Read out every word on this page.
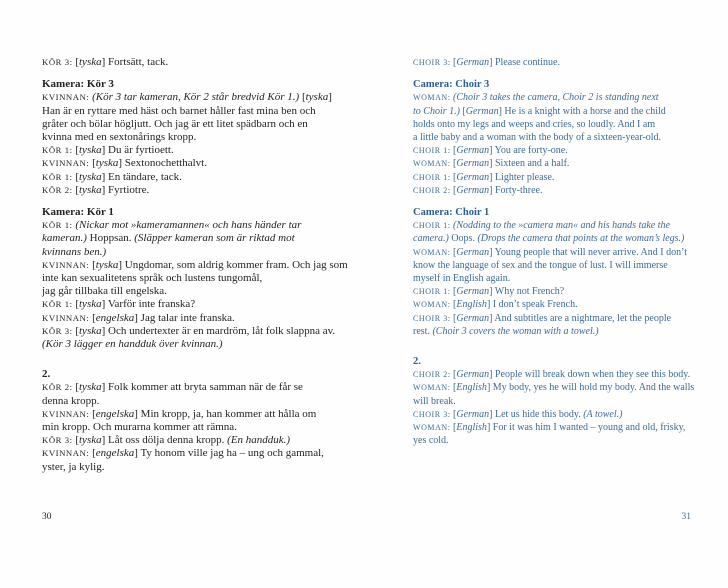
KÖR 3: [tyska] Fortsätt, tack.
Kamera: Kör 3
KVINNAN: (Kör 3 tar kameran, Kör 2 står bredvid Kör 1.) [tyska]
Han är en ryttare med häst och barnet håller fast mina ben och
gråter och bölar högljutt. Och jag är ett litet spädbarn och en
kvinna med en sextonårings kropp.
KÖR 1: [tyska] Du är fyrtioett.
KVINNAN: [tyska] Sextonochetthalvt.
KÖR 1: [tyska] En tändare, tack.
KÖR 2: [tyska] Fyrtiotre.
Kamera: Kör 1
KÖR 1: (Nickar mot »kameramannen« och hans händer tar
kameran.) Hoppsan. (Släpper kameran som är riktad mot
kvinnans ben.)
KVINNAN: [tyska] Ungdomar, som aldrig kommer fram. Och jag som
inte kan sexualitetens språk och lustens tungomål,
jag går tillbaka till engelska.
KÖR 1: [tyska] Varför inte franska?
KVINNAN: [engelska] Jag talar inte franska.
KÖR 3: [tyska] Och undertexter är en mardröm, låt folk slappna av.
(Kör 3 lägger en handduk över kvinnan.)
2.
KÖR 2: [tyska] Folk kommer att bryta samman när de får se
denna kropp.
KVINNAN: [engelska] Min kropp, ja, han kommer att hålla om
min kropp. Och murarna kommer att rämna.
KÖR 3: [tyska] Låt oss dölja denna kropp. (En handduk.)
KVINNAN: [engelska] Ty honom ville jag ha – ung och gammal,
yster, ja kylig.
CHOIR 3: [German] Please continue.
Camera: Choir 3
WOMAN: (Choir 3 takes the camera, Choir 2 is standing next
to Choir 1.) [German] He is a knight with a horse and the child
holds onto my legs and weeps and cries, so loudly. And I am
a little baby and a woman with the body of a sixteen-year-old.
CHOIR 1: [German] You are forty-one.
WOMAN: [German] Sixteen and a half.
CHOIR 1: [German] Lighter please.
CHOIR 2: [German] Forty-three.
Camera: Choir 1
CHOIR 1: (Nodding to the »camera man« and his hands take the
camera.) Oops. (Drops the camera that points at the woman’s legs.)
WOMAN: [German] Young people that will never arrive. And I don’t
know the language of sex and the tongue of lust. I will immerse
myself in English again.
CHOIR 1: [German] Why not French?
WOMAN: [English] I don’t speak French.
CHOIR 3: [German] And subtitles are a nightmare, let the people
rest. (Choir 3 covers the woman with a towel.)
2.
CHOIR 2: [German] People will break down when they see this body.
WOMAN: [English] My body, yes he will hold my body. And the walls
will break.
CHOIR 3: [German] Let us hide this body. (A towel.)
WOMAN: [English] For it was him I wanted – young and old, frisky,
yes cold.
30	31
